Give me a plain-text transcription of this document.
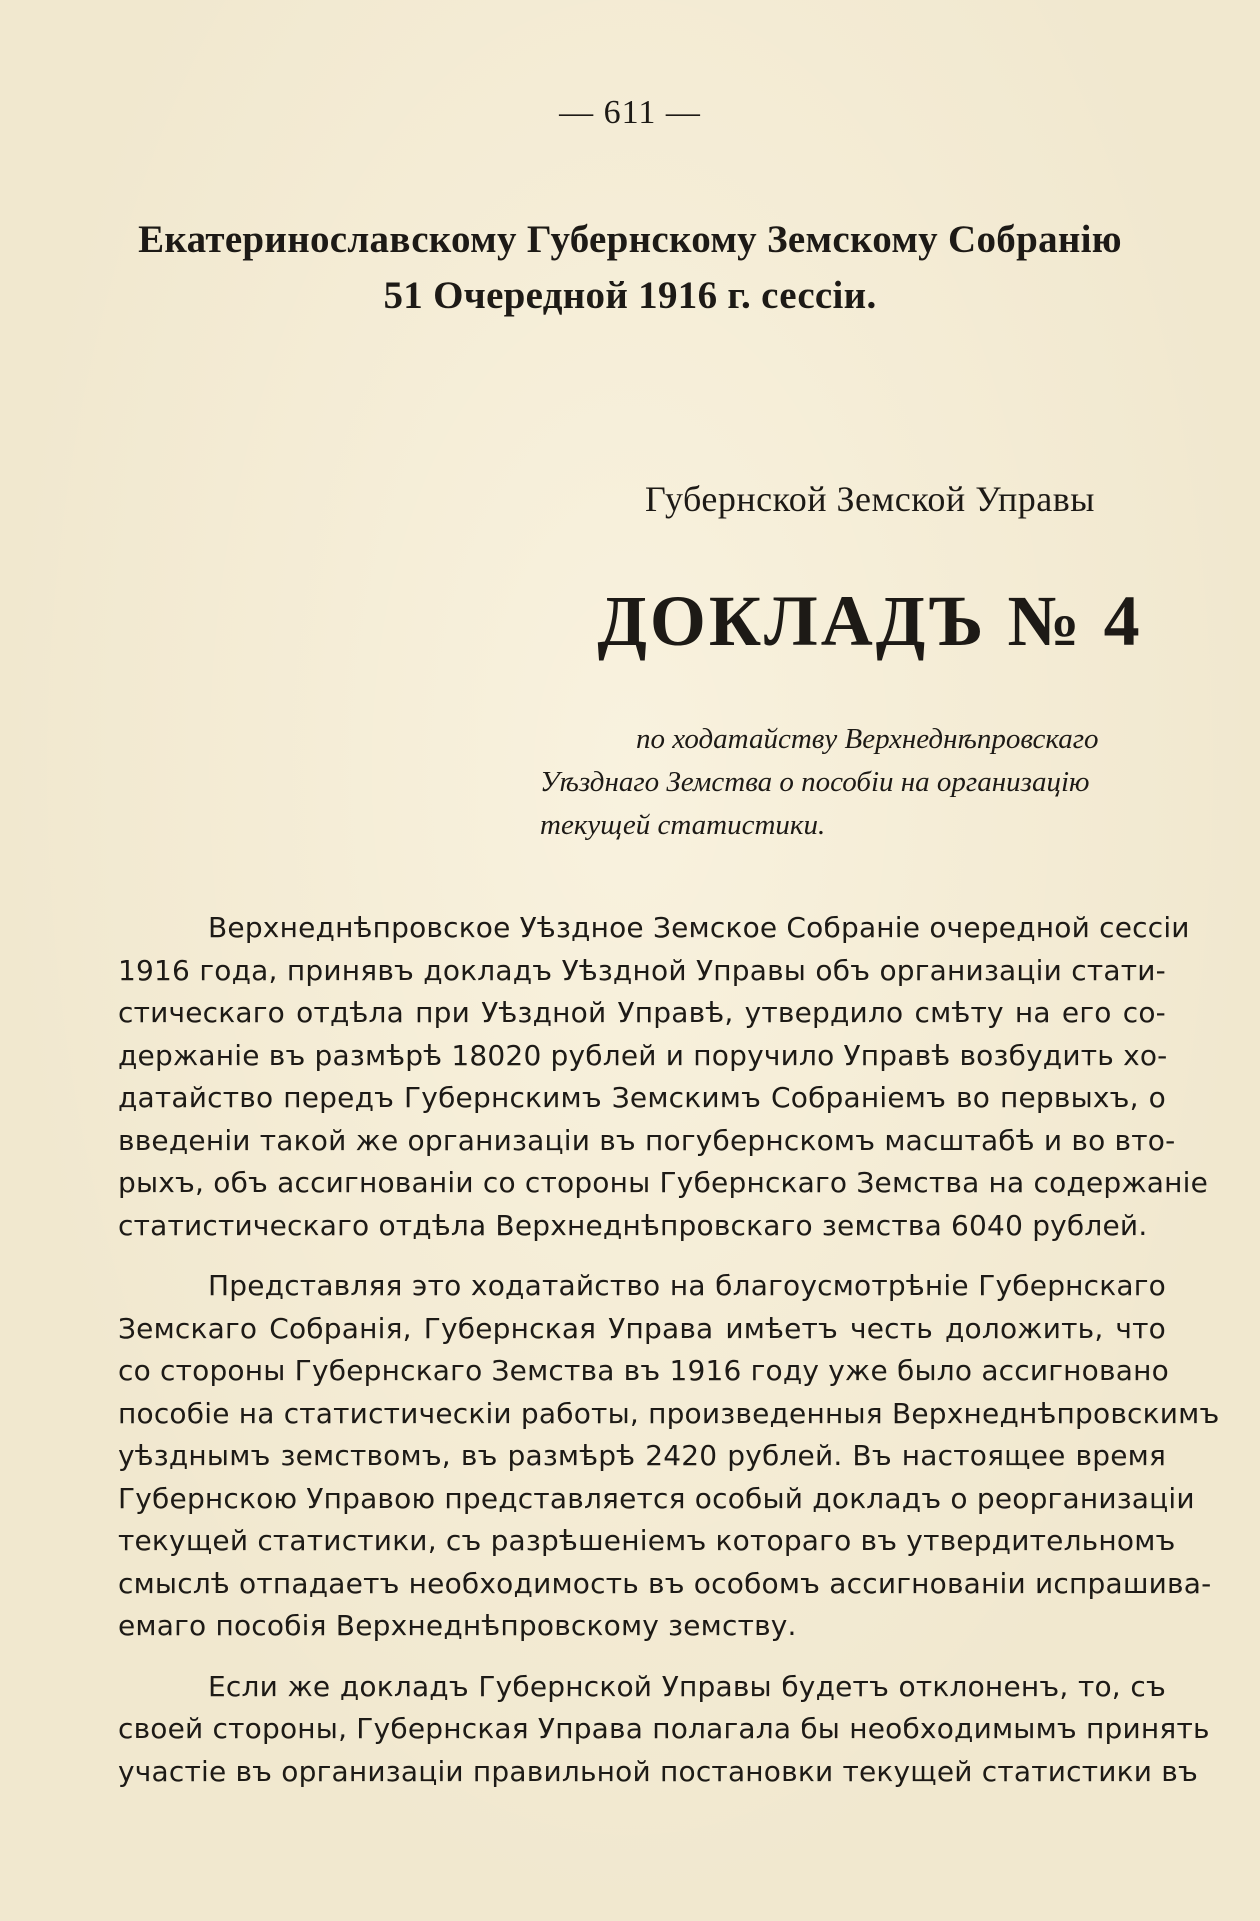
— 611 —
Екатеринославскому Губернскому Земскому Собранію
51 Очередной 1916 г. сессіи.
Губернской Земской Управы
ДОКЛАДЪ № 4
по ходатайству Верхнеднѣпровскаго
Уѣзднаго Земства о пособіи на организацію
текущей статистики.
Верхнеднѣпровское Уѣздное Земское Собраніе очередной сессіи
1916 года, принявъ докладъ Уѣздной Управы объ организаціи стати-
стическаго отдѣла при Уѣздной Управѣ, утвердило смѣту на его со-
держаніе въ размѣрѣ 18020 рублей и поручило Управѣ возбудить хо-
датайство передъ Губернскимъ Земскимъ Собраніемъ во первыхъ, о
введеніи такой же организаціи въ погубернскомъ масштабѣ и во вто-
рыхъ, объ ассигнованіи со стороны Губернскаго Земства на содержаніе
статистическаго отдѣла Верхнеднѣпровскаго земства 6040 рублей.
Представляя это ходатайство на благоусмотрѣніе Губернскаго
Земскаго Собранія, Губернская Управа имѣетъ честь доложить, что
со стороны Губернскаго Земства въ 1916 году уже было ассигновано
пособіе на статистическіи работы, произведенныя Верхнеднѣпровскимъ
уѣзднымъ земствомъ, въ размѣрѣ 2420 рублей. Въ настоящее время
Губернскою Управою представляется особый докладъ о реорганизаціи
текущей статистики, съ разрѣшеніемъ котораго въ утвердительномъ
смыслѣ отпадаетъ необходимость въ особомъ ассигнованіи испрашива-
емаго пособія Верхнеднѣпровскому земству.
Если же докладъ Губернской Управы будетъ отклоненъ, то, съ
своей стороны, Губернская Управа полагала бы необходимымъ принять
участіе въ организаціи правильной постановки текущей статистики въ
